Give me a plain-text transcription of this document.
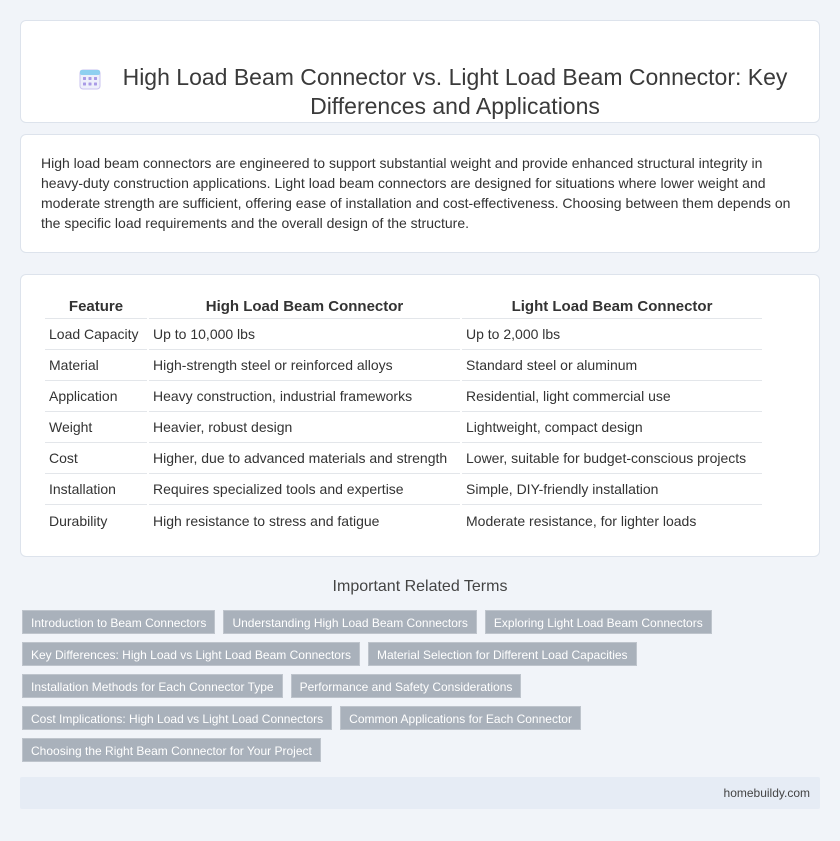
High Load Beam Connector vs. Light Load Beam Connector: Key Differences and Applications

High load beam connectors are engineered to support substantial weight and provide enhanced structural integrity in heavy-duty construction applications. Light load beam connectors are designed for situations where lower weight and moderate strength are sufficient, offering ease of installation and cost-effectiveness. Choosing between them depends on the specific load requirements and the overall design of the structure.

Feature	High Load Beam Connector	Light Load Beam Connector
Load Capacity	Up to 10,000 lbs	Up to 2,000 lbs
Material	High-strength steel or reinforced alloys	Standard steel or aluminum
Application	Heavy construction, industrial frameworks	Residential, light commercial use
Weight	Heavier, robust design	Lightweight, compact design
Cost	Higher, due to advanced materials and strength	Lower, suitable for budget-conscious projects
Installation	Requires specialized tools and expertise	Simple, DIY-friendly installation
Durability	High resistance to stress and fatigue	Moderate resistance, for lighter loads
Important Related Terms
Introduction to Beam Connectors	Understanding High Load Beam Connectors	Exploring Light Load Beam Connectors
Key Differences: High Load vs Light Load Beam Connectors	Material Selection for Different Load Capacities
Installation Methods for Each Connector Type	Performance and Safety Considerations
Cost Implications: High Load vs Light Load Connectors	Common Applications for Each Connector
Choosing the Right Beam Connector for Your Project
homebuildy.com
